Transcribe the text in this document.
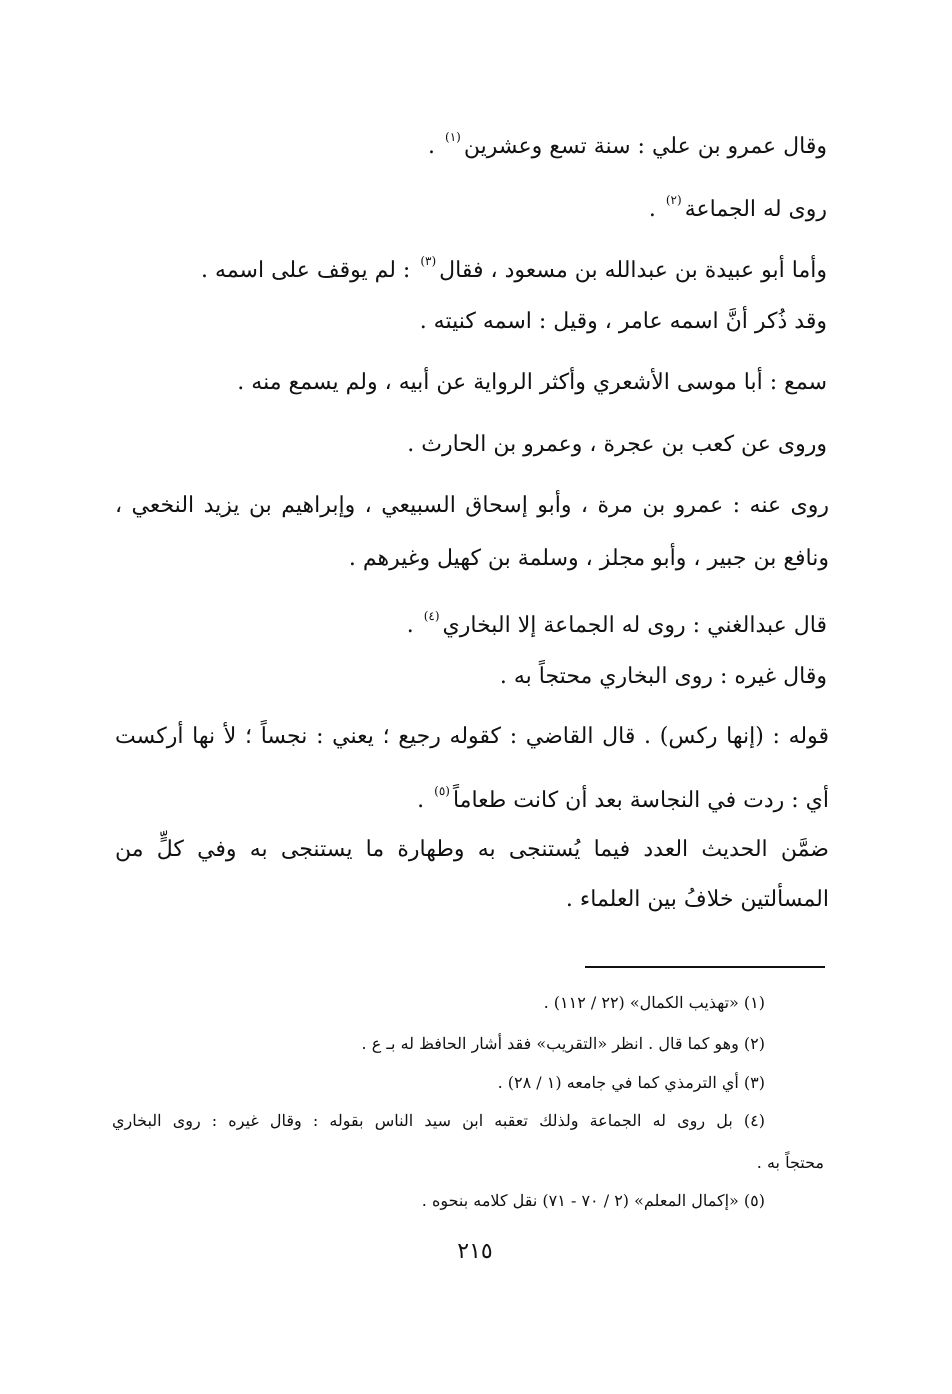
وقال عمرو بن علي : سنة تسع وعشرين$^{(١)}$ .
روى له الجماعة$^{(٢)}$ .
وأما أبو عبيدة بن عبدالله بن مسعود ، فقال$^{(٣)}$ : لم يوقف على اسمه .
وقد ذُكر أنَّ اسمه عامر ، وقيل : اسمه كنيته .
سمع : أبا موسى الأشعري وأكثر الرواية عن أبيه ، ولم يسمع منه .
وروى عن كعب بن عجرة ، وعمرو بن الحارث .
روى عنه : عمرو بن مرة ، وأبو إسحاق السبيعي ، وإبراهيم بن يزيد النخعي ،
ونافع بن جبير ، وأبو مجلز ، وسلمة بن كهيل وغيرهم .
قال عبدالغني : روى له الجماعة إلا البخاري$^{(٤)}$ .
وقال غيره : روى البخاري محتجاً به .
قوله : (إنها ركس) . قال القاضي : كقوله رجيع ؛ يعني : نجساً ؛ لأ نها أركست
أي : ردت في النجاسة بعد أن كانت طعاماً$^{(٥)}$ .
ضمَّن الحديث العدد فيما يُستنجى به وطهارة ما يستنجى به وفي كلٍّ من
المسألتين خلافُ بين العلماء .
(١) «تهذيب الكمال» (٢٢ / ١١٢) .
(٢) وهو كما قال . انظر «التقريب» فقد أشار الحافظ له بـ ع .
(٣) أي الترمذي كما في جامعه (١ / ٢٨) .
(٤) بل روى له الجماعة ولذلك تعقبه ابن سيد الناس بقوله : وقال غيره : روى البخاري
محتجاً به .
(٥) «إكمال المعلم» (٢ / ٧٠ - ٧١) نقل كلامه بنحوه .
٢١٥
